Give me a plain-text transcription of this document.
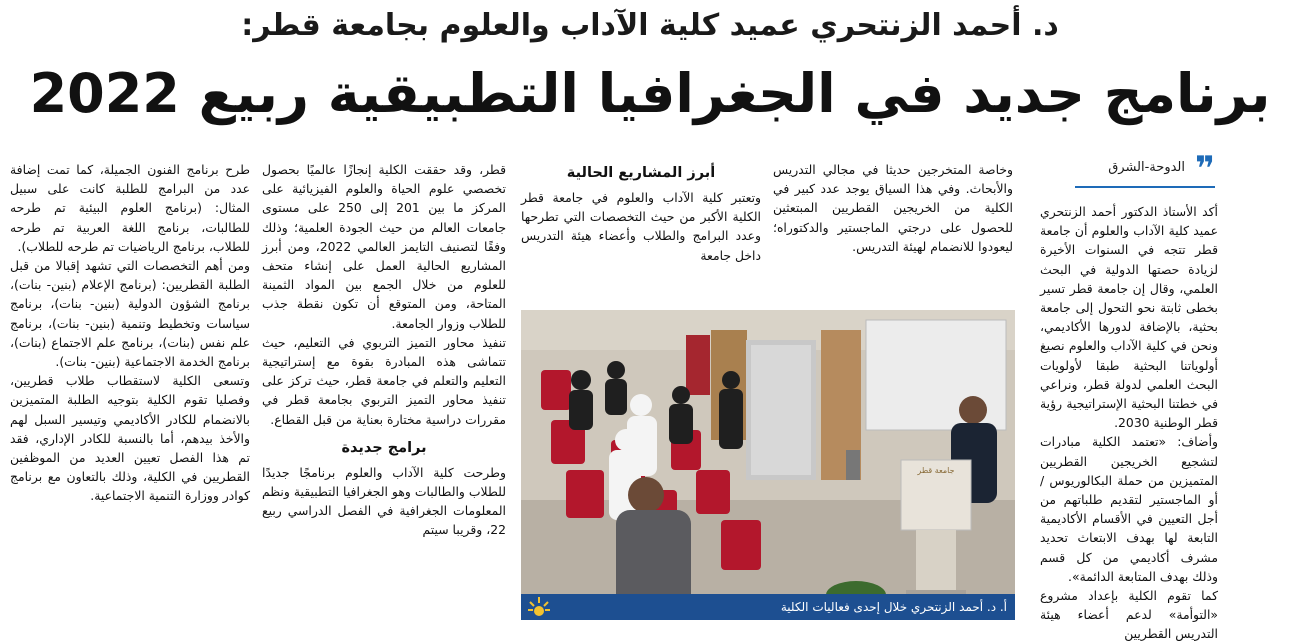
د. أحمد الزنتحري عميد كلية الآداب والعلوم بجامعة قطر:
برنامج جديد في الجغرافيا التطبيقية ربيع 2022
❞
الدوحة-الشرق

أكد الأستاذ الدكتور أحمد الزنتحري عميد كلية الآداب والعلوم أن جامعة قطر تتجه في السنوات الأخيرة لزيادة حصتها الدولية في البحث العلمي، وقال إن جامعة قطر تسير بخطى ثابتة نحو التحول إلى جامعة بحثية، بالإضافة لدورها الأكاديمي، ونحن في كلية الآداب والعلوم نصيغ أولوياتنا البحثية طبقا لأولويات البحث العلمي لدولة قطر، ونراعي في خطتنا البحثية الإستراتيجية رؤية قطر الوطنية 2030.

وأضاف: «تعتمد الكلية مبادرات لتشجيع الخريجين القطريين المتميزين من حملة البكالوريوس /أو الماجستير لتقديم طلباتهم من أجل التعيين في الأقسام الأكاديمية التابعة لها بهدف الابتعاث تحديد مشرف أكاديمي من كل قسم وذلك بهدف المتابعة الدائمة».

كما تقوم الكلية بإعداد مشروع «التوأمة» لدعم أعضاء هيئة التدريس القطريين

وخاصة المتخرجين حديثا في مجالي التدريس والأبحاث. وفي هذا السياق يوجد عدد كبير في الكلية من الخريجين القطريين المبتعثين للحصول على درجتي الماجستير والدكتوراه؛ ليعودوا للانضمام لهيئة التدريس.

أبرز المشاريع الحالية

وتعتبر كلية الآداب والعلوم في جامعة قطر الكلية الأكبر من حيث التخصصات التي تطرحها وعدد البرامج والطلاب وأعضاء هيئة التدريس داخل جامعة

قطر، وقد حققت الكلية إنجازًا عالميًا بحصول تخصصي علوم الحياة والعلوم الفيزيائية على المركز ما بين 201 إلى 250 على مستوى جامعات العالم من حيث الجودة العلمية؛ وذلك وفقًا لتصنيف التايمز العالمي 2022، ومن أبرز المشاريع الحالية العمل على إنشاء متحف للعلوم من خلال الجمع بين المواد الثمينة المتاحة، ومن المتوقع أن تكون نقطة جذب للطلاب وزوار الجامعة.

تنفيذ محاور التميز التربوي في التعليم، حيث تتماشى هذه المبادرة بقوة مع إستراتيجية التعليم والتعلم في جامعة قطر، حيث تركز على تنفيذ محاور التميز التربوي بجامعة قطر في مقررات دراسية مختارة بعناية من قبل القطاع.

برامج جديدة

وطرحت كلية الآداب والعلوم برنامجًا جديدًا للطلاب والطالبات وهو الجغرافيا التطبيقية ونظم المعلومات الجغرافية في الفصل الدراسي ربيع 22، وقريبا سيتم

طرح برنامج الفنون الجميلة، كما تمت إضافة عدد من البرامج للطلبة كانت على سبيل المثال: (برنامج العلوم البيئية تم طرحه للطالبات، برنامج اللغة العربية تم طرحه للطلاب، برنامج الرياضيات تم طرحه للطلاب).

ومن أهم التخصصات التي تشهد إقبالا من قبل الطلبة القطريين: (برنامج الإعلام (بنين- بنات)، برنامج الشؤون الدولية (بنين- بنات)، برنامج سياسات وتخطيط وتنمية (بنين- بنات)، برنامج علم نفس (بنات)، برنامج علم الاجتماع (بنات)، برنامج الخدمة الاجتماعية (بنين- بنات).

وتسعى الكلية لاستقطاب طلاب قطريين، وفصليا تقوم الكلية بتوجيه الطلبة المتميزين بالانضمام للكادر الأكاديمي وتيسير السبل لهم والأخذ بيدهم، أما بالنسبة للكادر الإداري، فقد تم هذا الفصل تعيين العديد من الموظفين القطريين في الكلية، وذلك بالتعاون مع برنامج كوادر ووزارة التنمية الاجتماعية.

جامعة قطر
أ. د. أحمد الزنتحري خلال إحدى فعاليات الكلية
